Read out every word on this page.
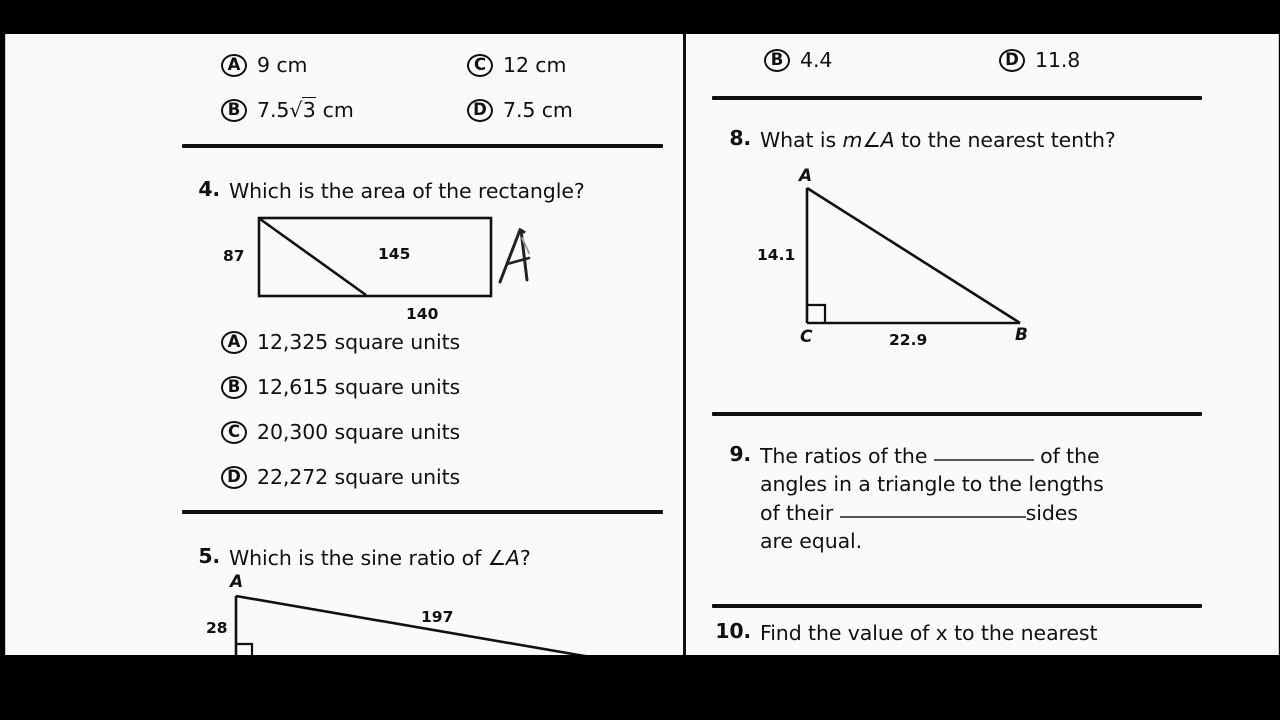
A 9 cm	C 12 cm
B 7.5√3 cm	D 7.5 cm
4. Which is the area of the rectangle?
87	145
140
A 12,325 square units
B 12,615 square units
C 20,300 square units
D 22,272 square units
5. Which is the sine ratio of ∠A?
A
28
197
B 4.4	D 11.8
8. What is m∠A to the nearest tenth?
A
C	B
14.1
22.9
9. The ratios of the	of the
angles in a triangle to the lengths
of their	sides
are equal.
10. Find the value of x to the nearest
